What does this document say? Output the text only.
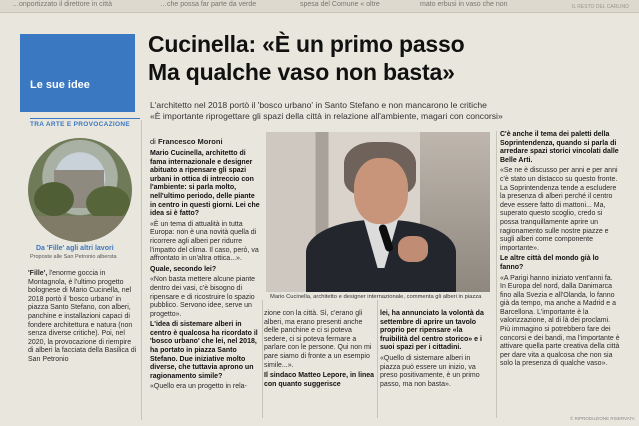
…onportizzato il direttore in città	…che possa far parte da verde	spesa del Comune « oltre	mato erbusi in vaso che non	IL RESTO DEL CARLINO
Le sue idee
TRA ARTE E PROVOCAZIONE
Da 'Fille' agli altri lavori
Proposte alle San Petronio albersta
'Fille', l'enorme goccia in Montagnola, è l'ultimo progetto bolognese di Mario Cucinella, nel 2018 portò il 'bosco urbano' in piazza Santo Stefano, con alberi, panchine e installazioni capaci di fondere architettura e natura (non senza diverse critiche). Poi, nel 2020, la provocazione di riempire di alberi la facciata della Basilica di San Petronio
Cucinella: «È un primo passo
Ma qualche vaso non basta»
L'architetto nel 2018 portò il 'bosco urbano' in Santo Stefano e non mancarono le critiche
«È importante riprogettare gli spazi della città in relazione all'ambiente, magari con concorsi»
di Francesco Moroni

Mario Cucinella, architetto di fama internazionale e designer abituato a ripensare gli spazi urbani in ottica di intreccio con l'ambiente: si parla molto, nell'ultimo periodo, delle piante in centro in questi giorni. Lei che idea si è fatto?

«È un tema di attualità in tutta Europa: non è una novità quella di ricorrere agli alberi per ridurre l'impatto del clima. Il caso, però, va affrontato in un'altra ottica...».

Quale, secondo lei?

«Non basta mettere alcune piante dentro dei vasi, c'è bisogno di ripensare e di ricostruire lo spazio pubblico. Servono idee, serve un progetto».

L'idea di sistemare alberi in centro è qualcosa ha ricordato il 'bosco urbano' che lei, nel 2018, ha portato in piazza Santo Stefano. Due iniziative molto diverse, che tuttavia aprono un ragionamento simile?

«Quello era un progetto in rela-

Mario Cucinella, architetto e designer internazionale, commenta gli alberi in piazza

zione con la città. Sì, c'erano gli alberi, ma erano presenti anche delle panchine e ci si poteva sedere, ci si poteva fermare a parlare con le persone. Qui non mi pare siamo di fronte a un esempio simile...».

Il sindaco Matteo Lepore, in linea con quanto suggerisce

lei, ha annunciato la volontà da settembre di aprire un tavolo proprio per ripensare «la fruibilità del centro storico» e i suoi spazi per i cittadini.

«Quello di sistemare alberi in piazza può essere un inizio, va preso positivamente, è un primo passo, ma non basta».

C'è anche il tema dei paletti della Soprintendenza, quando si parla di arredare spazi storici vincolati dalle Belle Arti.

«Se ne è discusso per anni e per anni c'è stato un distacco su questo fronte. La Soprintendenza tende a escludere la presenza di alberi perché il centro deve essere fatto di mattoni... Ma, superato questo scoglio, credo si possa tranquillamente aprire un ragionamento sulle nostre piazze e sugli alberi come componente importante».

Le altre città del mondo già lo fanno?

«A Parigi hanno iniziato vent'anni fa. In Europa del nord, dalla Danimarca fino alla Svezia e all'Olanda, lo fanno già da tempo, ma anche a Madrid e a Barcellona. L'importante è la valorizzazione, al di là dei proclami. Più immagino si potrebbero fare dei concorsi e dei bandi, ma l'importante è attivare quella parte creativa della città per dare vita a qualcosa che non sia solo la presenza di qualche vaso».

© RIPRODUZIONE RISERVATA
